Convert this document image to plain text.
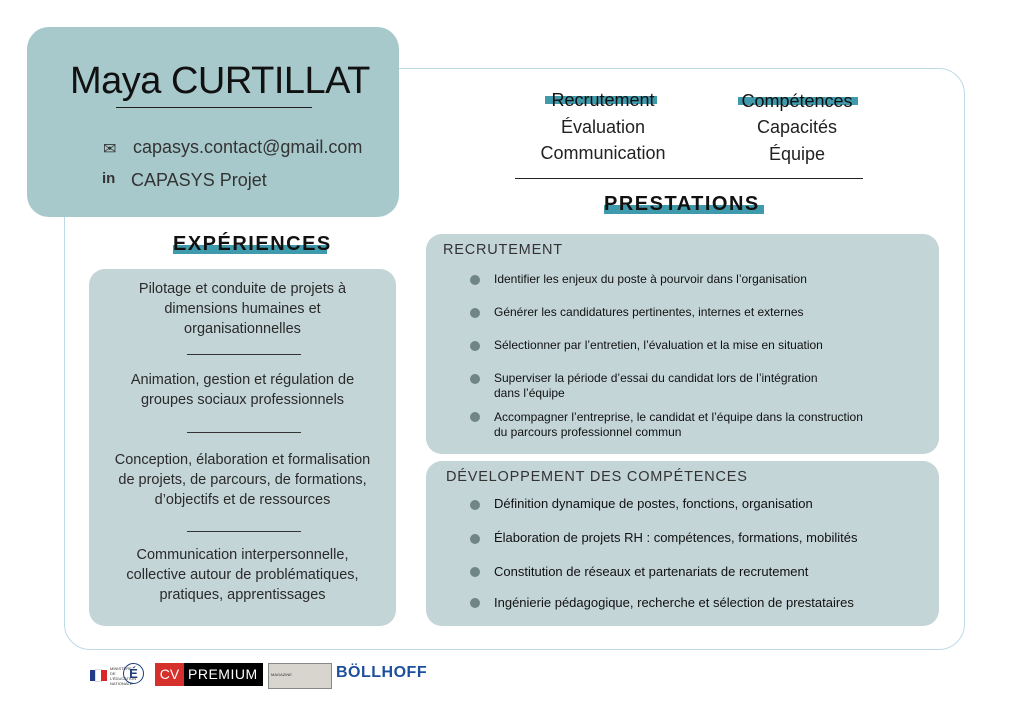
Maya CURTILLAT
✉ capasys.contact@gmail.com
in CAPASYS Projet
Recrutement
Évaluation
Communication
Compétences
Capacités
Équipe
PRESTATIONS
EXPÉRIENCES
Pilotage et conduite de projets à dimensions humaines et organisationnelles
Animation, gestion et régulation de groupes sociaux professionnels
Conception, élaboration et formalisation de projets, de parcours, de formations, d’objectifs et de ressources
Communication interpersonnelle, collective autour de problématiques, pratiques, apprentissages
RECRUTEMENT
Identifier les enjeux du poste à pourvoir dans l’organisation
Générer les candidatures pertinentes, internes et externes
Sélectionner par l’entretien, l’évaluation et la mise en situation
Superviser la période d’essai du candidat lors de l’intégration
dans l’équipe
Accompagner l’entreprise, le candidat et l’équipe dans la construction
du parcours professionnel commun
DÉVELOPPEMENT DES COMPÉTENCES
Définition dynamique de postes, fonctions, organisation
Élaboration de projets RH : compétences, formations, mobilités
Constitution de réseaux et partenariats de recrutement
Ingénierie pédagogique, recherche et sélection de prestataires
MINISTÈRE DE L’ÉDUCATION NATIONALE
É	CV PREMIUM	MAGAZINE	BÖLLHOFF
